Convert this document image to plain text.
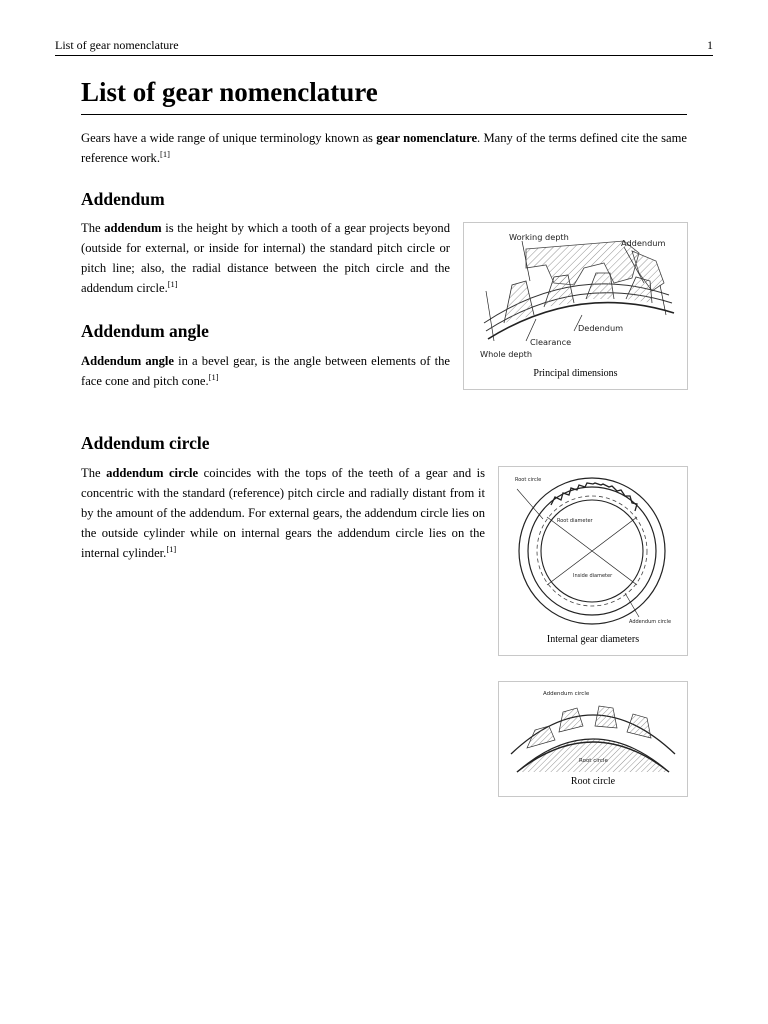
List of gear nomenclature	1
List of gear nomenclature

Gears have a wide range of unique terminology known as gear nomenclature. Many of the terms defined cite the same reference work.[1]

Addendum

The addendum is the height by which a tooth of a gear projects beyond (outside for external, or inside for internal) the standard pitch circle or pitch line; also, the radial distance between the pitch circle and the addendum circle.[1]

Addendum angle

Addendum angle in a bevel gear, is the angle between elements of the face cone and pitch cone.[1]

Addendum circle

The addendum circle coincides with the tops of the teeth of a gear and is concentric with the standard (reference) pitch circle and radially distant from it by the amount of the addendum. For external gears, the addendum circle lies on the outside cylinder while on internal gears the addendum circle lies on the internal cylinder.[1]

Working depth
Addendum
Dedendum
Clearance
Whole depth
Principal dimensions
Root circle
Root diameter
Inside diameter
Addendum circle
Internal gear diameters
Addendum circle
Root circle
Root circle
